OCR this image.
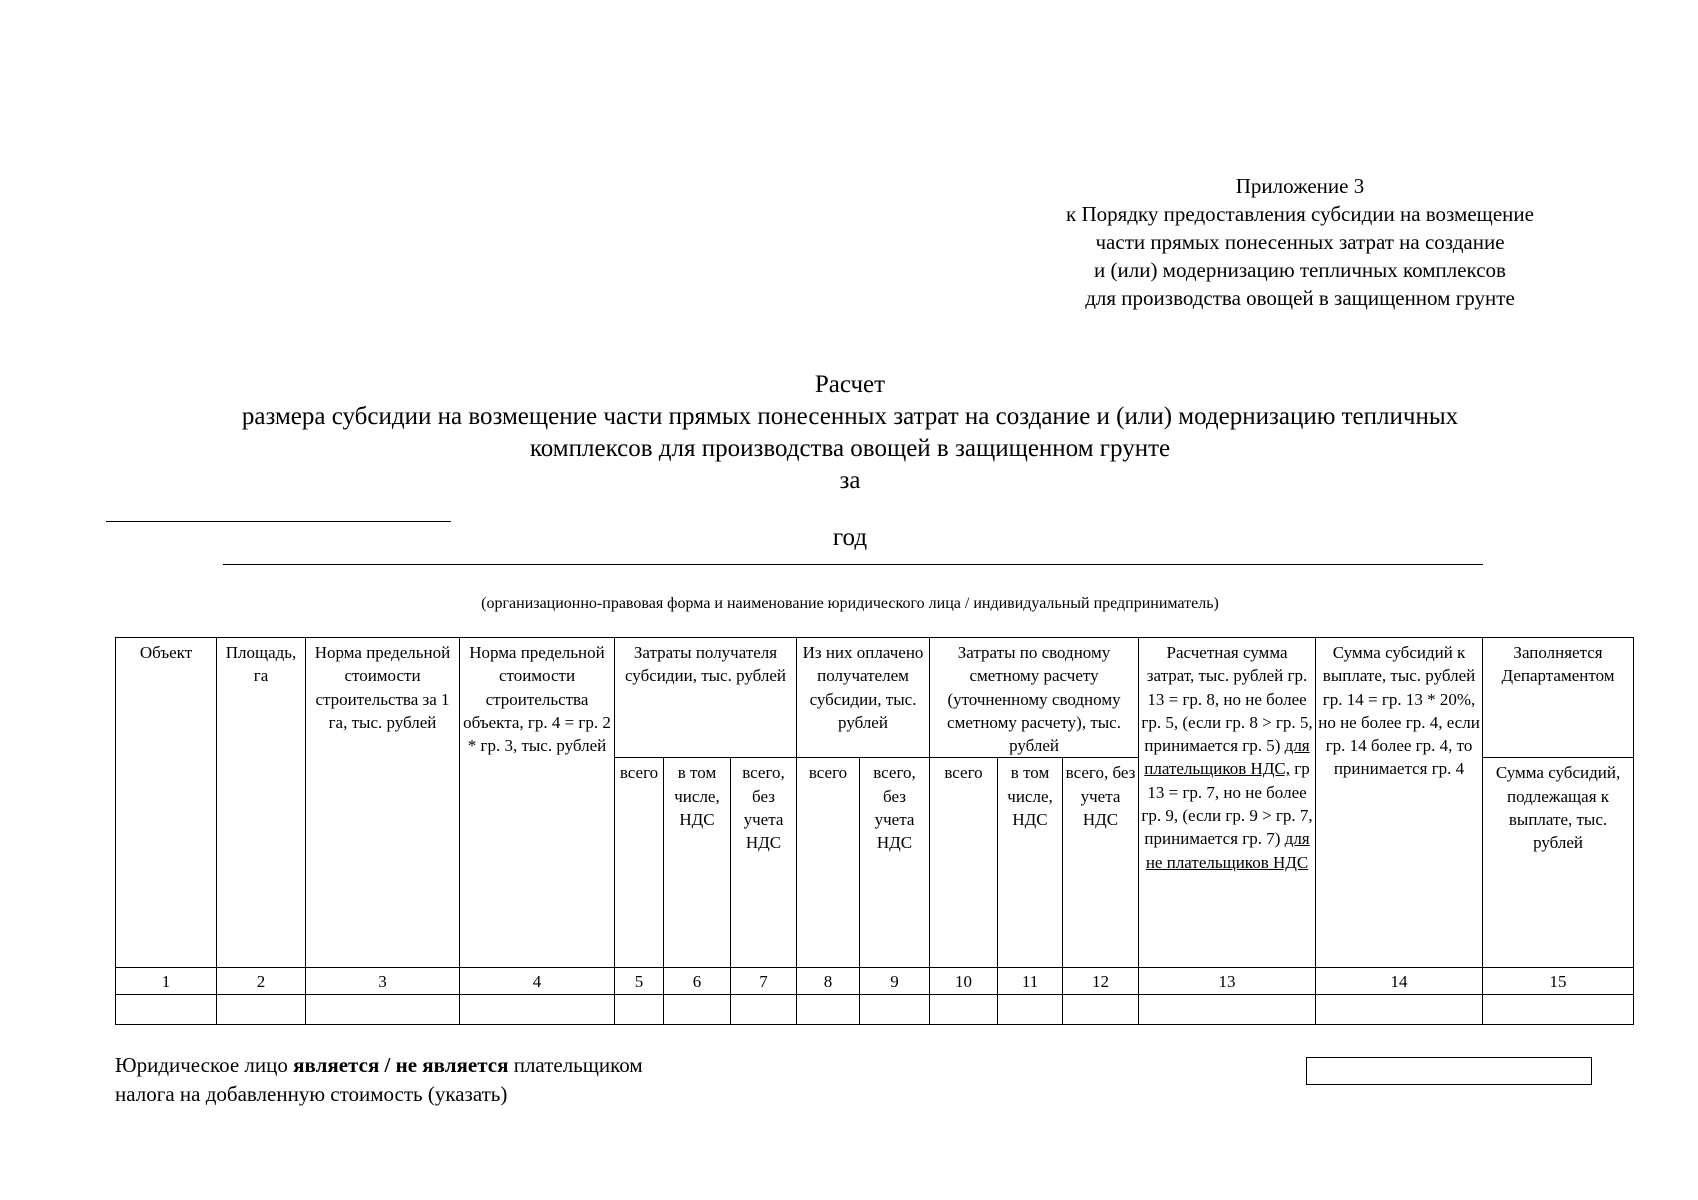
Приложение 3
к Порядку предоставления субсидии на возмещение
части прямых понесенных затрат на создание
и (или) модернизацию тепличных комплексов
для производства овощей в защищенном грунте
Расчет
размера субсидии на возмещение части прямых понесенных затрат на создание и (или) модернизацию тепличных
комплексов для производства овощей в защищенном грунте
за
год
(организационно-правовая форма и наименование юридического лица / индивидуальный предприниматель)
Объект	Площадь, га	Норма предельной стоимости строительства за 1 га, тыс. рублей	Норма предельной стоимости строительства объекта, гр. 4 = гр. 2 * гр. 3, тыс. рублей	Затраты получателя субсидии, тыс. рублей			Из них оплачено получателем субсидии, тыс. рублей		Затраты по сводному сметному расчету (уточненному сводному сметному расчету), тыс. рублей			Расчетная сумма затрат, тыс. рублей гр. 13 = гр. 8, но не более гр. 5, (если гр. 8 > гр. 5, принимается гр. 5) для плательщиков НДС, гр 13 = гр. 7, но не более гр. 9, (если гр. 9 > гр. 7, принимается гр. 7) для не плательщиков НДС	Сумма субсидий к выплате, тыс. рублей гр. 14 = гр. 13 * 20%, но не более гр. 4, если гр. 14 более гр. 4, то принимается гр. 4	Заполняется Департаментом
				всего	в том числе, НДС	всего, без учета НДС	всего	всего, без учета НДС	всего	в том числе, НДС	всего, без учета НДС			Сумма субсидий, подлежащая к выплате, тыс. рублей
1	2	3	4	5	6	7	8	9	10	11	12	13	14	15

Юридическое лицо является / не является плательщиком
налога на добавленную стоимость (указать)
